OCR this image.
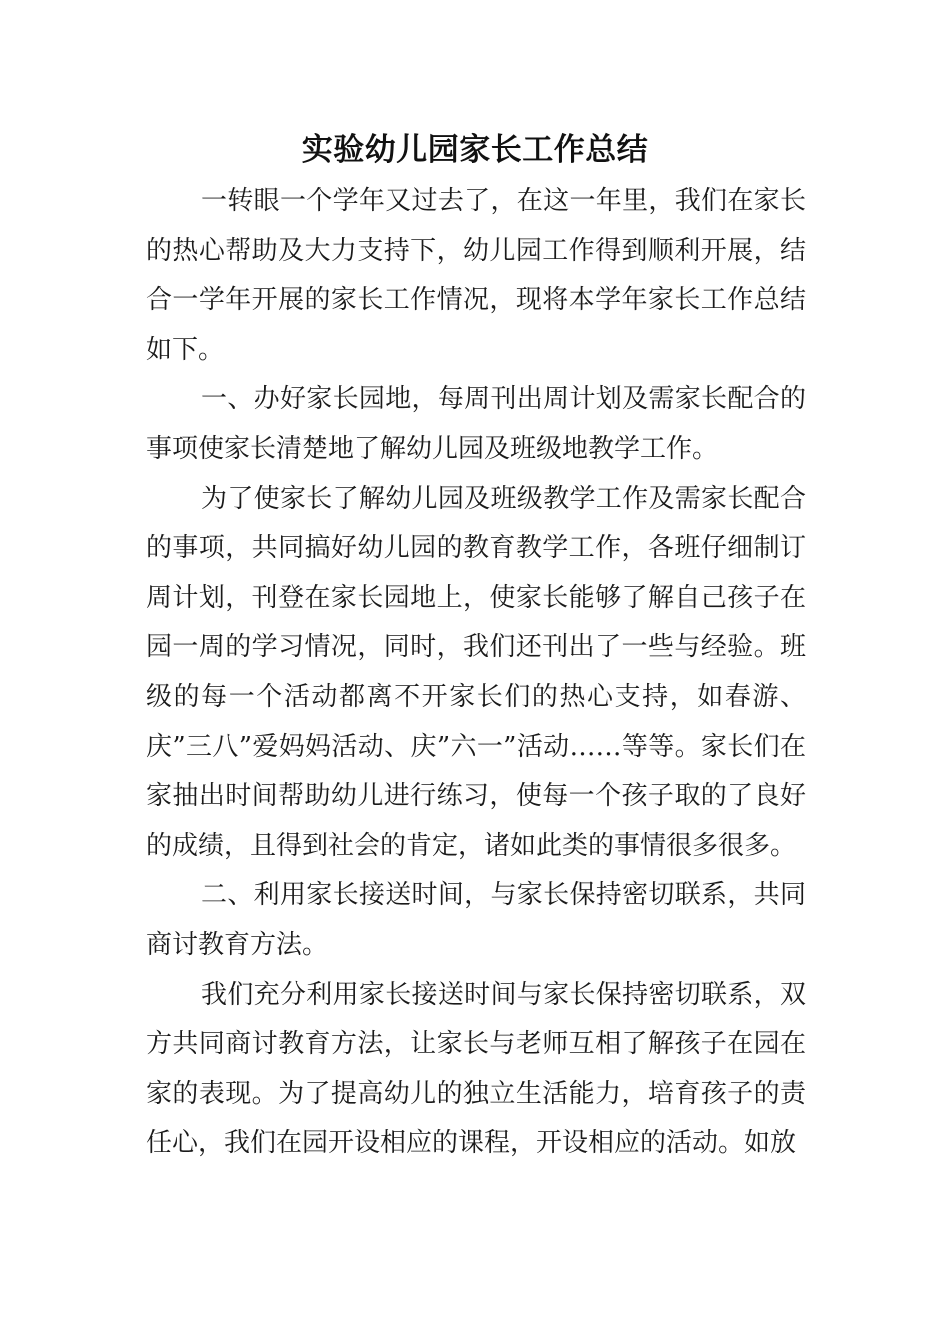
实验幼儿园家长工作总结

一转眼一个学年又过去了，在这一年里，我们在家长的热心帮助及大力支持下，幼儿园工作得到顺利开展，结合一学年开展的家长工作情况，现将本学年家长工作总结如下。

一、办好家长园地，每周刊出周计划及需家长配合的事项使家长清楚地了解幼儿园及班级地教学工作。

为了使家长了解幼儿园及班级教学工作及需家长配合的事项，共同搞好幼儿园的教育教学工作，各班仔细制订周计划，刊登在家长园地上，使家长能够了解自己孩子在园一周的学习情况，同时，我们还刊出了一些与经验。班级的每一个活动都离不开家长们的热心支持，如春游、庆”三八”爱妈妈活动、庆”六一”活动……等等。家长们在家抽出时间帮助幼儿进行练习，使每一个孩子取的了良好的成绩，且得到社会的肯定，诸如此类的事情很多很多。

二、利用家长接送时间，与家长保持密切联系，共同商讨教育方法。

我们充分利用家长接送时间与家长保持密切联系，双方共同商讨教育方法，让家长与老师互相了解孩子在园在家的表现。为了提高幼儿的独立生活能力，培育孩子的责任心，我们在园开设相应的课程，开设相应的活动。如放
